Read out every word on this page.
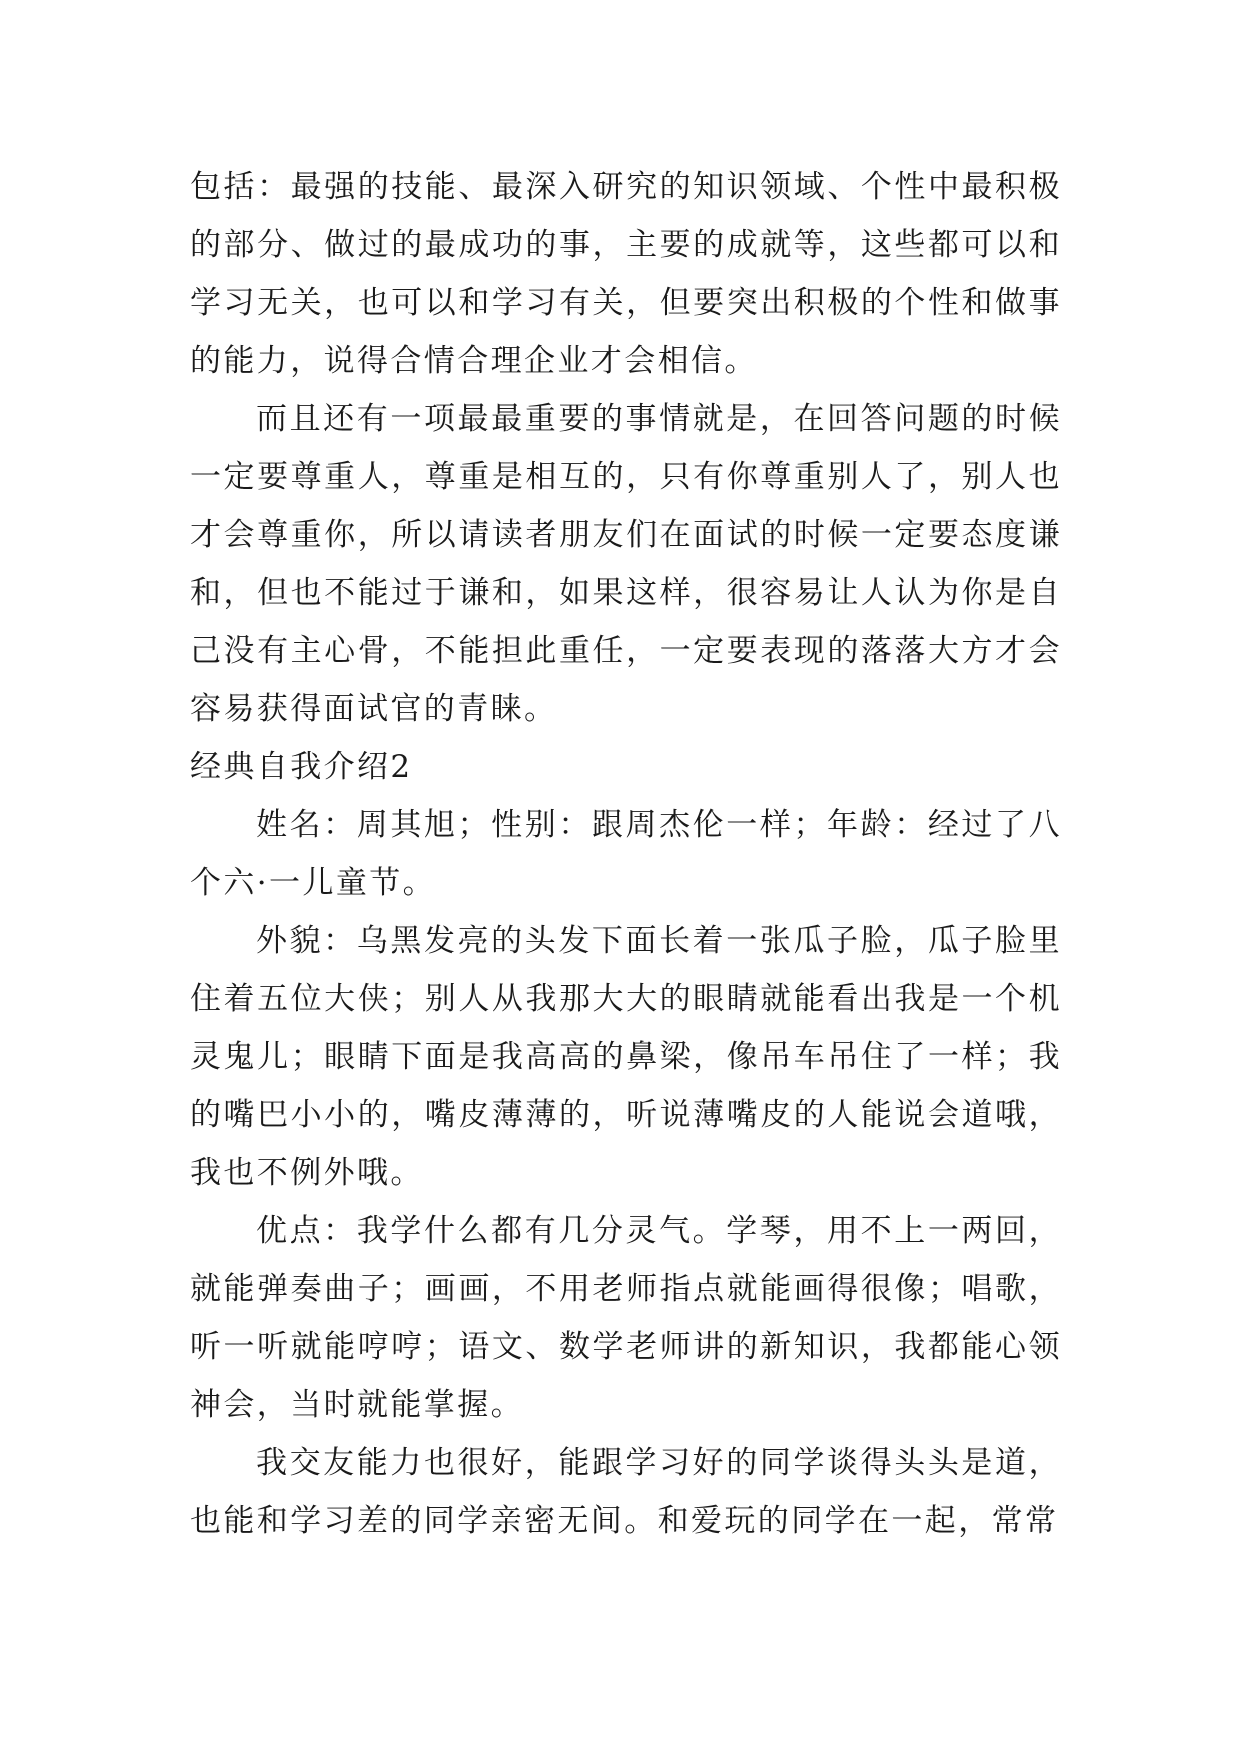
包括：最强的技能、最深入研究的知识领域、个性中最积极的部分、做过的最成功的事，主要的成就等，这些都可以和学习无关，也可以和学习有关，但要突出积极的个性和做事的能力，说得合情合理企业才会相信。

而且还有一项最最重要的事情就是，在回答问题的时候一定要尊重人，尊重是相互的，只有你尊重别人了，别人也才会尊重你，所以请读者朋友们在面试的时候一定要态度谦和，但也不能过于谦和，如果这样，很容易让人认为你是自己没有主心骨，不能担此重任，一定要表现的落落大方才会容易获得面试官的青睐。

经典自我介绍2

姓名：周其旭；性别：跟周杰伦一样；年龄：经过了八个六·一儿童节。

外貌：乌黑发亮的头发下面长着一张瓜子脸，瓜子脸里住着五位大侠；别人从我那大大的眼睛就能看出我是一个机灵鬼儿；眼睛下面是我高高的鼻梁，像吊车吊住了一样；我的嘴巴小小的，嘴皮薄薄的，听说薄嘴皮的人能说会道哦，我也不例外哦。

优点：我学什么都有几分灵气。学琴，用不上一两回，就能弹奏曲子；画画，不用老师指点就能画得很像；唱歌，听一听就能哼哼；语文、数学老师讲的新知识，我都能心领神会，当时就能掌握。

我交友能力也很好，能跟学习好的同学谈得头头是道，也能和学习差的同学亲密无间。和爱玩的同学在一起，常常
